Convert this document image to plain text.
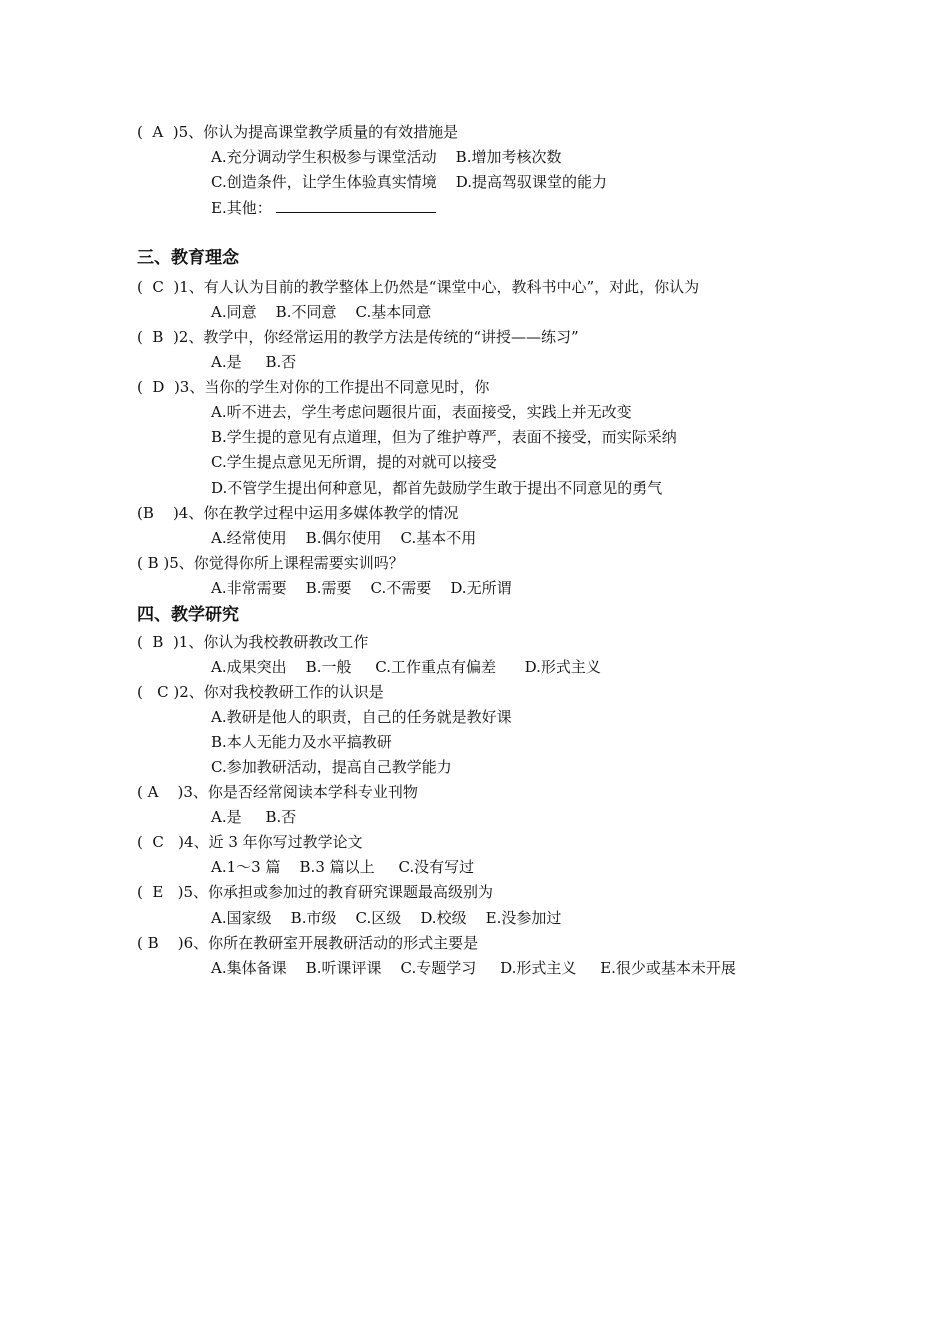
(  A  )5、你认为提高课堂教学质量的有效措施是
A.充分调动学生积极参与课堂活动    B.增加考核次数
C.创造条件，让学生体验真实情境    D.提高驾驭课堂的能力
E.其他：
三、教育理念
(  C  )1、有人认为目前的教学整体上仍然是“课堂中心，教科书中心”，对此，你认为
A.同意    B.不同意    C.基本同意
(  B  )2、教学中，你经常运用的教学方法是传统的“讲授——练习”
A.是     B.否
(  D  )3、当你的学生对你的工作提出不同意见时，你
A.听不进去，学生考虑问题很片面，表面接受，实践上并无改变
B.学生提的意见有点道理，但为了维护尊严，表面不接受，而实际采纳
C.学生提点意见无所谓，提的对就可以接受
D.不管学生提出何种意见，都首先鼓励学生敢于提出不同意见的勇气
(B    )4、你在教学过程中运用多媒体教学的情况
A.经常使用    B.偶尔使用    C.基本不用
( B )5、你觉得你所上课程需要实训吗？
A.非常需要    B.需要    C.不需要    D.无所谓
四、教学研究
(  B  )1、你认为我校教研教改工作
A.成果突出    B.一般     C.工作重点有偏差      D.形式主义
(   C )2、你对我校教研工作的认识是
A.教研是他人的职责，自己的任务就是教好课
B.本人无能力及水平搞教研
C.参加教研活动，提高自己教学能力
( A    )3、你是否经常阅读本学科专业刊物
A.是     B.否
(  C   )4、近 3 年你写过教学论文
A.1～3 篇    B.3 篇以上     C.没有写过
(  E   )5、你承担或参加过的教育研究课题最高级别为
A.国家级    B.市级    C.区级    D.校级    E.没参加过
( B    )6、你所在教研室开展教研活动的形式主要是
A.集体备课    B.听课评课    C.专题学习     D.形式主义     E.很少或基本未开展
